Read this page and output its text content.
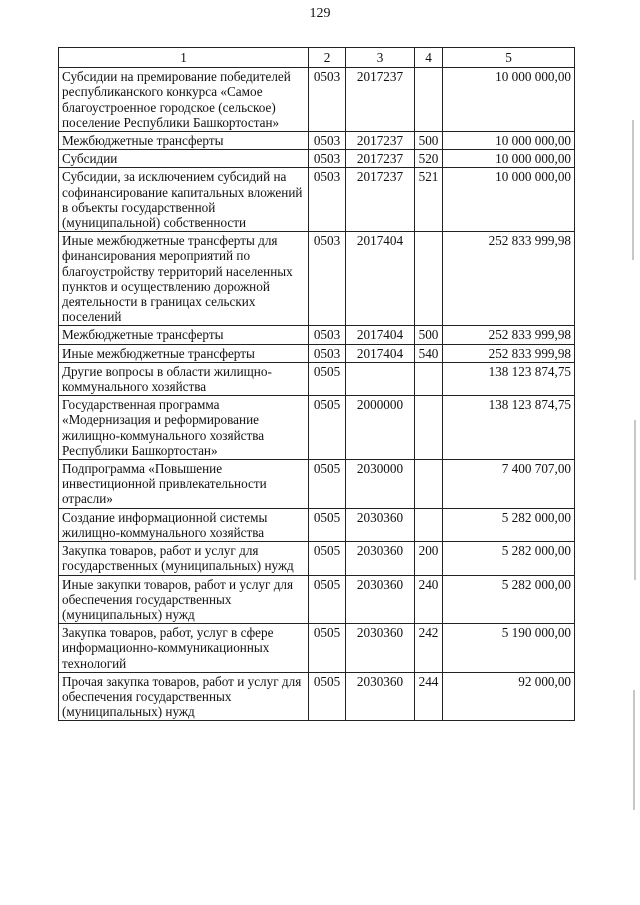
129
1	2	3	4	5
Субсидии на премирование победителей республиканского конкурса «Самое благоустроенное городское (сельское) поселение Республики Башкортостан»	0503	2017237		10 000 000,00
Межбюджетные трансферты	0503	2017237	500	10 000 000,00
Субсидии	0503	2017237	520	10 000 000,00
Субсидии, за исключением субсидий на софинансирование капитальных вложений в объекты государственной (муниципальной) собственности	0503	2017237	521	10 000 000,00
Иные межбюджетные трансферты для финансирования мероприятий по благоустройству территорий населенных пунктов и осуществлению дорожной деятельности в границах сельских поселений	0503	2017404		252 833 999,98
Межбюджетные трансферты	0503	2017404	500	252 833 999,98
Иные межбюджетные трансферты	0503	2017404	540	252 833 999,98
Другие вопросы в области жилищно-коммунального хозяйства	0505			138 123 874,75
Государственная программа «Модернизация и реформирование жилищно-коммунального хозяйства Республики Башкортостан»	0505	2000000		138 123 874,75
Подпрограмма «Повышение инвестиционной привлекательности отрасли»	0505	2030000		7 400 707,00
Создание информационной системы жилищно-коммунального хозяйства	0505	2030360		5 282 000,00
Закупка товаров, работ и услуг для государственных (муниципальных) нужд	0505	2030360	200	5 282 000,00
Иные закупки товаров, работ и услуг для обеспечения государственных (муниципальных) нужд	0505	2030360	240	5 282 000,00
Закупка товаров, работ, услуг в сфере информационно-коммуникационных технологий	0505	2030360	242	5 190 000,00
Прочая закупка товаров, работ и услуг для обеспечения государственных (муниципальных) нужд	0505	2030360	244	92 000,00
